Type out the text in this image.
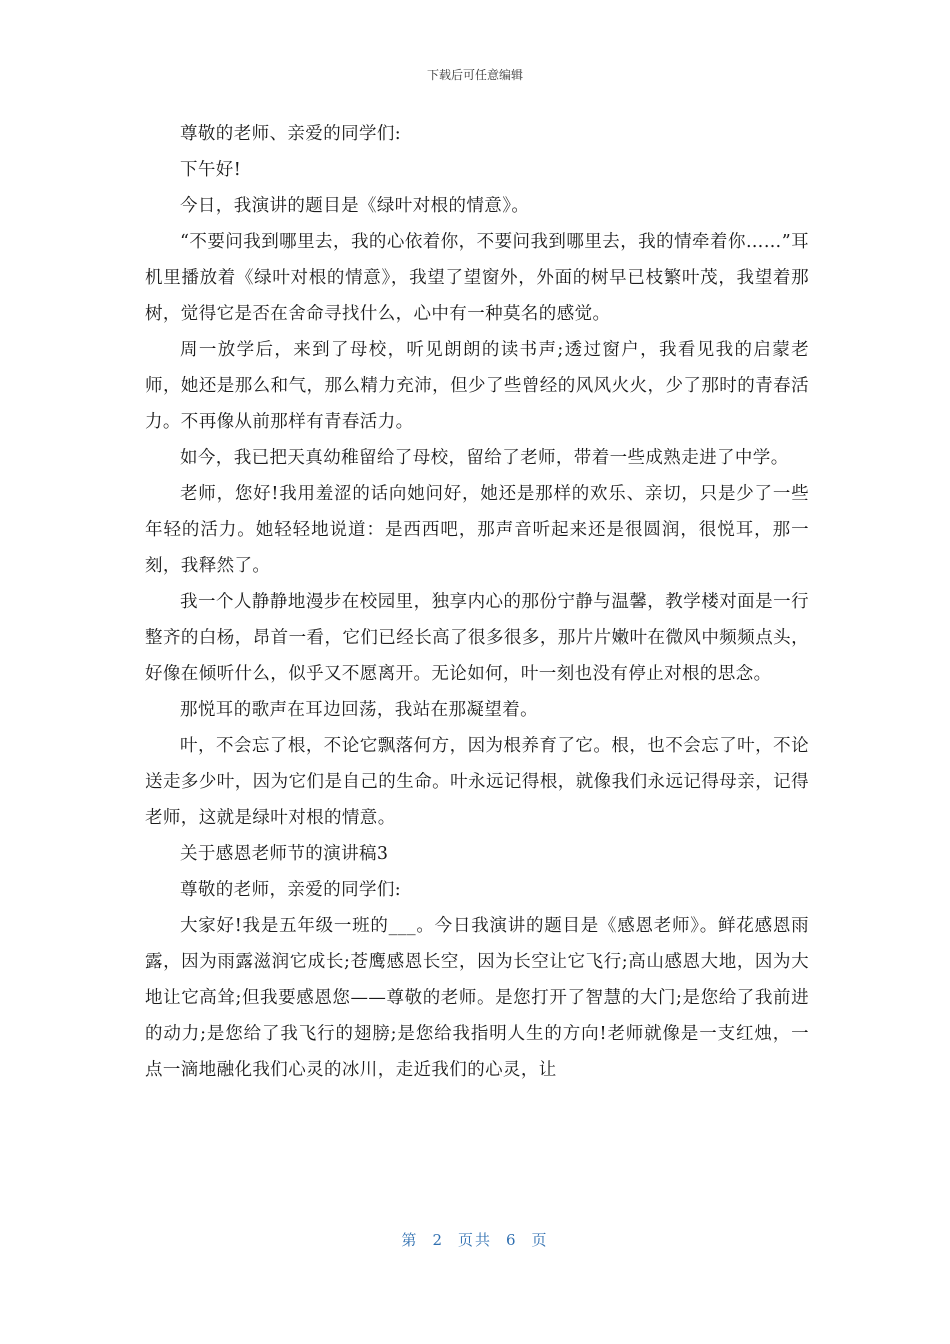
下载后可任意编辑

尊敬的老师、亲爱的同学们:

下午好!

今日，我演讲的题目是《绿叶对根的情意》。

“不要问我到哪里去，我的心依着你，不要问我到哪里去，我的情牵着你……”耳机里播放着《绿叶对根的情意》，我望了望窗外，外面的树早已枝繁叶茂，我望着那树，觉得它是否在舍命寻找什么，心中有一种莫名的感觉。

周一放学后，来到了母校，听见朗朗的读书声;透过窗户，我看见我的启蒙老师，她还是那么和气，那么精力充沛，但少了些曾经的风风火火，少了那时的青春活力。不再像从前那样有青春活力。

如今，我已把天真幼稚留给了母校，留给了老师，带着一些成熟走进了中学。

老师，您好!我用羞涩的话向她问好，她还是那样的欢乐、亲切，只是少了一些年轻的活力。她轻轻地说道：是西西吧，那声音听起来还是很圆润，很悦耳，那一刻，我释然了。

我一个人静静地漫步在校园里，独享内心的那份宁静与温馨，教学楼对面是一行整齐的白杨，昂首一看，它们已经长高了很多很多，那片片嫩叶在微风中频频点头，好像在倾听什么，似乎又不愿离开。无论如何，叶一刻也没有停止对根的思念。

那悦耳的歌声在耳边回荡，我站在那凝望着。

叶，不会忘了根，不论它飘落何方，因为根养育了它。根，也不会忘了叶，不论送走多少叶，因为它们是自己的生命。叶永远记得根，就像我们永远记得母亲，记得老师，这就是绿叶对根的情意。

关于感恩老师节的演讲稿3

尊敬的老师，亲爱的同学们:

大家好!我是五年级一班的___。今日我演讲的题目是《感恩老师》。鲜花感恩雨露，因为雨露滋润它成长;苍鹰感恩长空，因为长空让它飞行;高山感恩大地，因为大地让它高耸;但我要感恩您——尊敬的老师。是您打开了智慧的大门;是您给了我前进的动力;是您给了我飞行的翅膀;是您给我指明人生的方向!老师就像是一支红烛，一点一滴地融化我们心灵的冰川，走近我们的心灵，让

第 2 页共 6 页
